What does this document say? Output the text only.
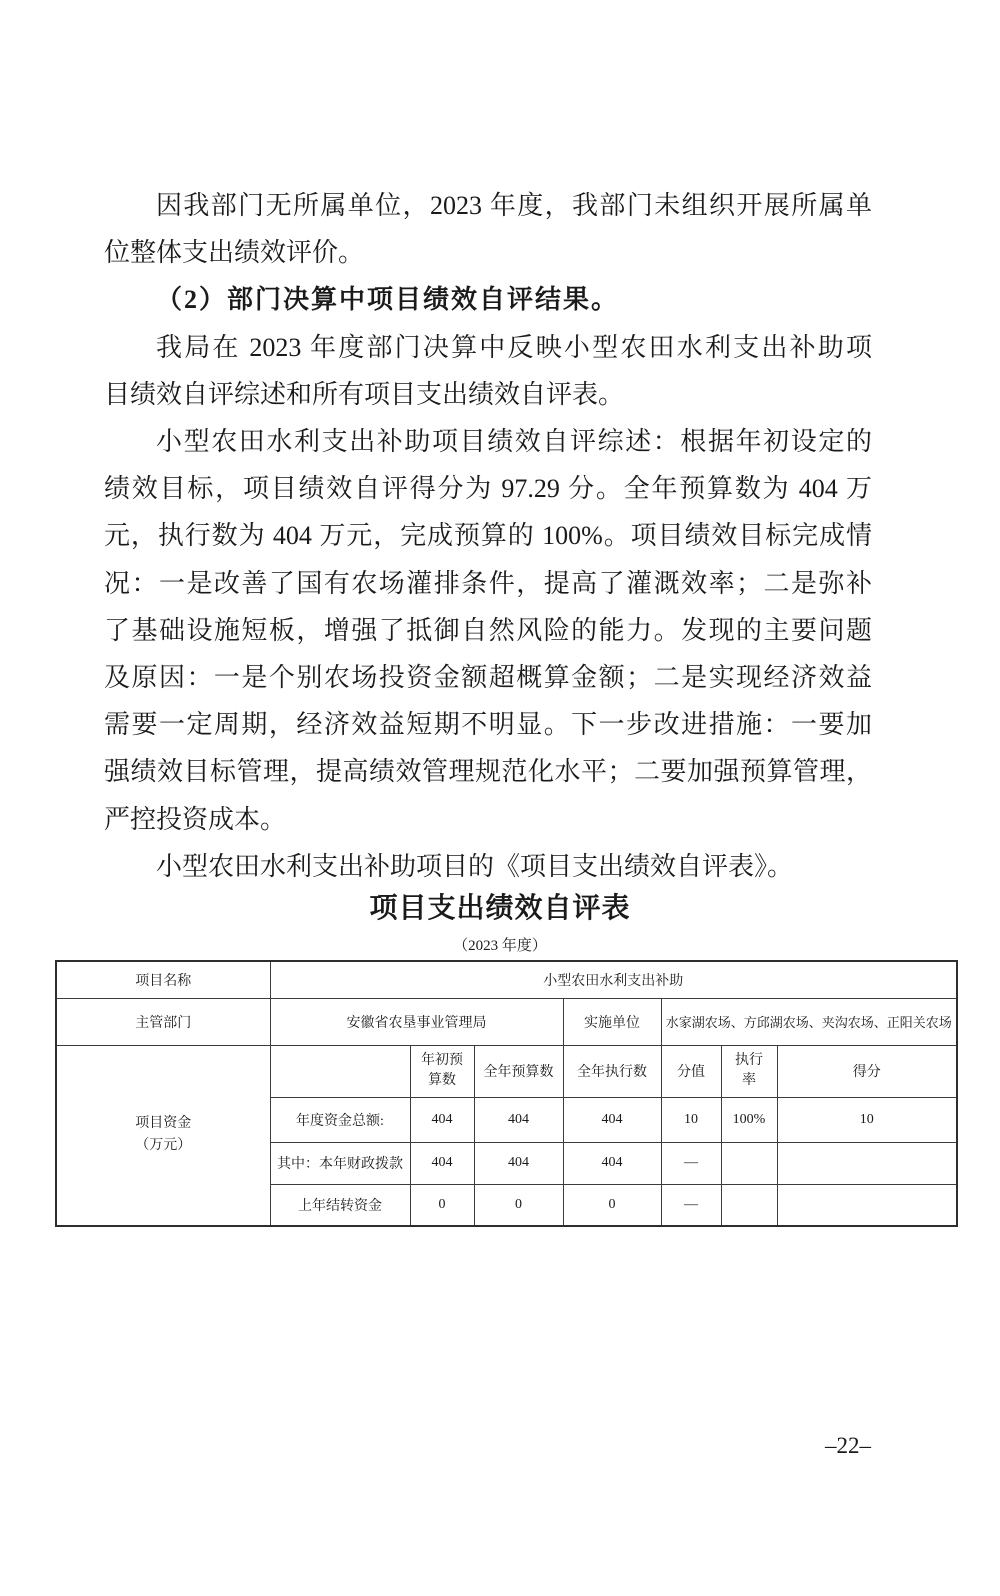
因我部门无所属单位，2023 年度，我部门未组织开展所属单
位整体支出绩效评价。
（2）部门决算中项目绩效自评结果。
我局在 2023 年度部门决算中反映小型农田水利支出补助项
目绩效自评综述和所有项目支出绩效自评表。
小型农田水利支出补助项目绩效自评综述：根据年初设定的
绩效目标，项目绩效自评得分为 97.29 分。全年预算数为 404 万
元，执行数为 404 万元，完成预算的 100%。项目绩效目标完成情
况：一是改善了国有农场灌排条件，提高了灌溉效率；二是弥补
了基础设施短板，增强了抵御自然风险的能力。发现的主要问题
及原因：一是个别农场投资金额超概算金额；二是实现经济效益
需要一定周期，经济效益短期不明显。下一步改进措施：一要加
强绩效目标管理，提高绩效管理规范化水平；二要加强预算管理，
严控投资成本。
小型农田水利支出补助项目的《项目支出绩效自评表》。
项目支出绩效自评表
（2023 年度）
项目名称	小型农田水利支出补助						
主管部门	安徽省农垦事业管理局			实施单位	水家湖农场、方邱湖农场、夹沟农场、正阳关农场		
项目资金（万元）		年初预算数	全年预算数	全年执行数	分值	执行率	得分
	年度资金总额:	404	404	404	10	100%	10
	其中：本年财政拨款	404	404	404	—		
	上年结转资金	0	0	0	—		
–22–
